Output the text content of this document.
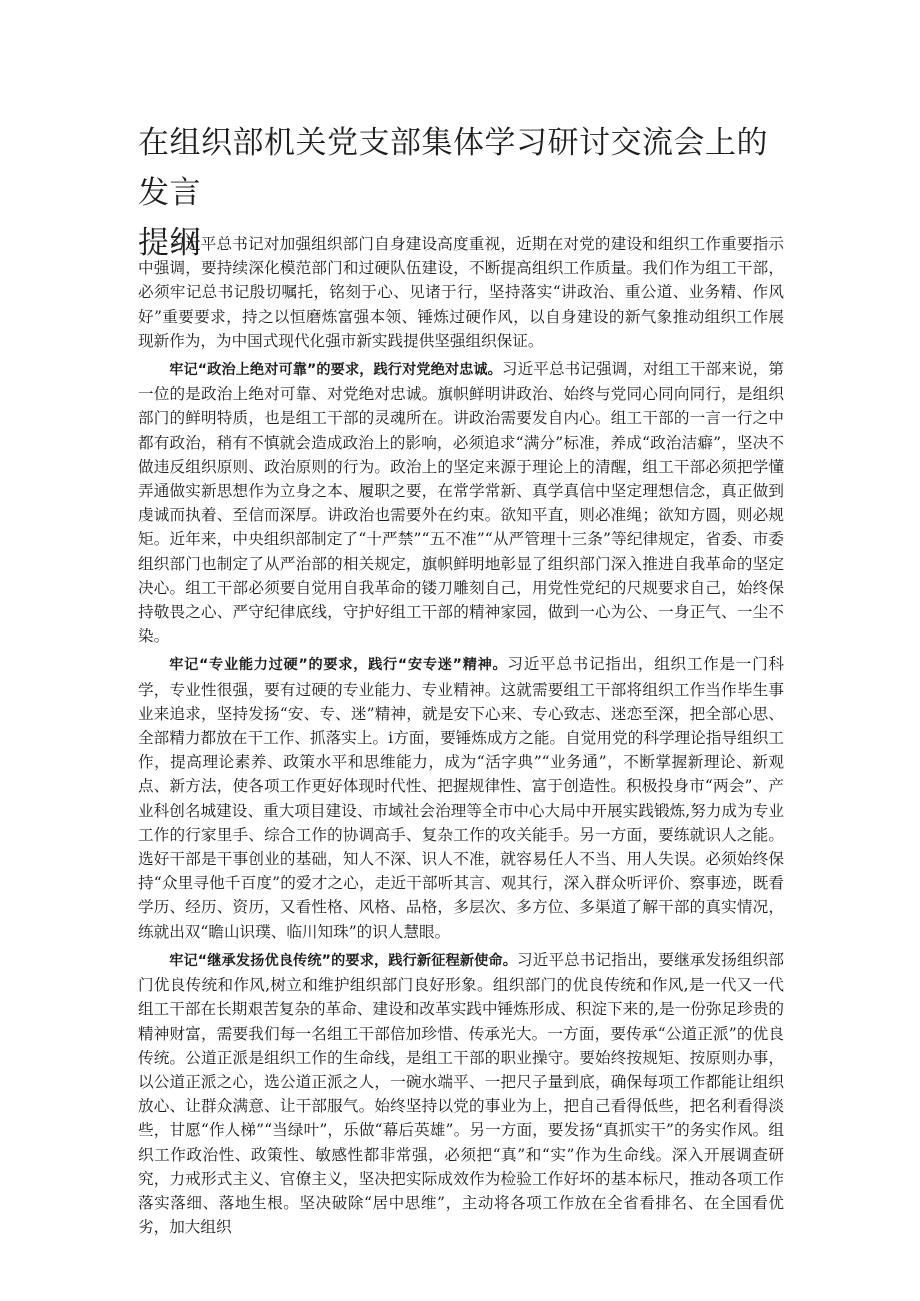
在组织部机关党支部集体学习研讨交流会上的发言
提纲

习近平总书记对加强组织部门自身建设高度重视，近期在对党的建设和组织工作重要指示中强调，要持续深化模范部门和过硬队伍建设，不断提高组织工作质量。我们作为组工干部，必须牢记总书记殷切嘱托，铭刻于心、见诸于行，坚持落实“讲政治、重公道、业务精、作风好”重要要求，持之以恒磨炼富强本领、锤炼过硬作风，以自身建设的新气象推动组织工作展现新作为，为中国式现代化强市新实践提供坚强组织保证。

牢记“政治上绝对可靠”的要求，践行对党绝对忠诚。习近平总书记强调，对组工干部来说，第一位的是政治上绝对可靠、对党绝对忠诚。旗帜鲜明讲政治、始终与党同心同向同行，是组织部门的鲜明特质，也是组工干部的灵魂所在。讲政治需要发自内心。组工干部的一言一行之中都有政治，稍有不慎就会造成政治上的影响，必须追求“满分”标准，养成“政治洁癖”，坚决不做违反组织原则、政治原则的行为。政治上的坚定来源于理论上的清醒，组工干部必须把学懂弄通做实新思想作为立身之本、履职之要，在常学常新、真学真信中坚定理想信念，真正做到虔诚而执着、至信而深厚。讲政治也需要外在约束。欲知平直，则必准绳；欲知方圆，则必规矩。近年来，中央组织部制定了“十严禁”“五不准”“从严管理十三条”等纪律规定，省委、市委组织部门也制定了从严治部的相关规定，旗帜鲜明地彰显了组织部门深入推进自我革命的坚定决心。组工干部必须要自觉用自我革命的镂刀雕刻自己，用党性党纪的尺规要求自己，始终保持敬畏之心、严守纪律底线，守护好组工干部的精神家园，做到一心为公、一身正气、一尘不染。

牢记“专业能力过硬”的要求，践行“安专迷”精神。习近平总书记指出，组织工作是一门科学，专业性很强，要有过硬的专业能力、专业精神。这就需要组工干部将组织工作当作毕生事业来追求，坚持发扬“安、专、迷”精神，就是安下心来、专心致志、迷恋至深，把全部心思、全部精力都放在干工作、抓落实上。i方面，要锤炼成方之能。自觉用党的科学理论指导组织工作，提高理论素养、政策水平和思维能力，成为“活字典”“业务通”，不断掌握新理论、新观点、新方法，使各项工作更好体现时代性、把握规律性、富于创造性。积极投身市“两会”、产业科创名城建设、重大项目建设、市域社会治理等全市中心大局中开展实践锻炼,努力成为专业工作的行家里手、综合工作的协调高手、复杂工作的攻关能手。另一方面，要练就识人之能。选好干部是干事创业的基础，知人不深、识人不准，就容易任人不当、用人失误。必须始终保持“众里寻他千百度”的爱才之心，走近干部听其言、观其行，深入群众听评价、察事迹，既看学历、经历、资历，又看性格、风格、品格，多层次、多方位、多渠道了解干部的真实情况，练就出双“瞻山识璞、临川知珠”的识人慧眼。

牢记“继承发扬优良传统”的要求，践行新征程新使命。习近平总书记指出，要继承发扬组织部门优良传统和作风,树立和维护组织部门良好形象。组织部门的优良传统和作风,是一代又一代组工干部在长期艰苦复杂的革命、建设和改革实践中锤炼形成、积淀下来的,是一份弥足珍贵的精神财富，需要我们每一名组工干部倍加珍惜、传承光大。一方面，要传承“公道正派”的优良传统。公道正派是组织工作的生命线，是组工干部的职业操守。要始终按规矩、按原则办事，以公道正派之心，选公道正派之人，一碗水端平、一把尺子量到底，确保每项工作都能让组织放心、让群众满意、让干部服气。始终坚持以党的事业为上，把自己看得低些，把名利看得淡些，甘愿“作人梯”“当绿叶”，乐做“幕后英雄”。另一方面，要发扬“真抓实干”的务实作风。组织工作政治性、政策性、敏感性都非常强，必须把“真”和“实”作为生命线。深入开展调查研究，力戒形式主义、官僚主义，坚决把实际成效作为检验工作好坏的基本标尺，推动各项工作落实落细、落地生根。坚决破除“居中思维”，主动将各项工作放在全省看排名、在全国看优劣，加大组织
